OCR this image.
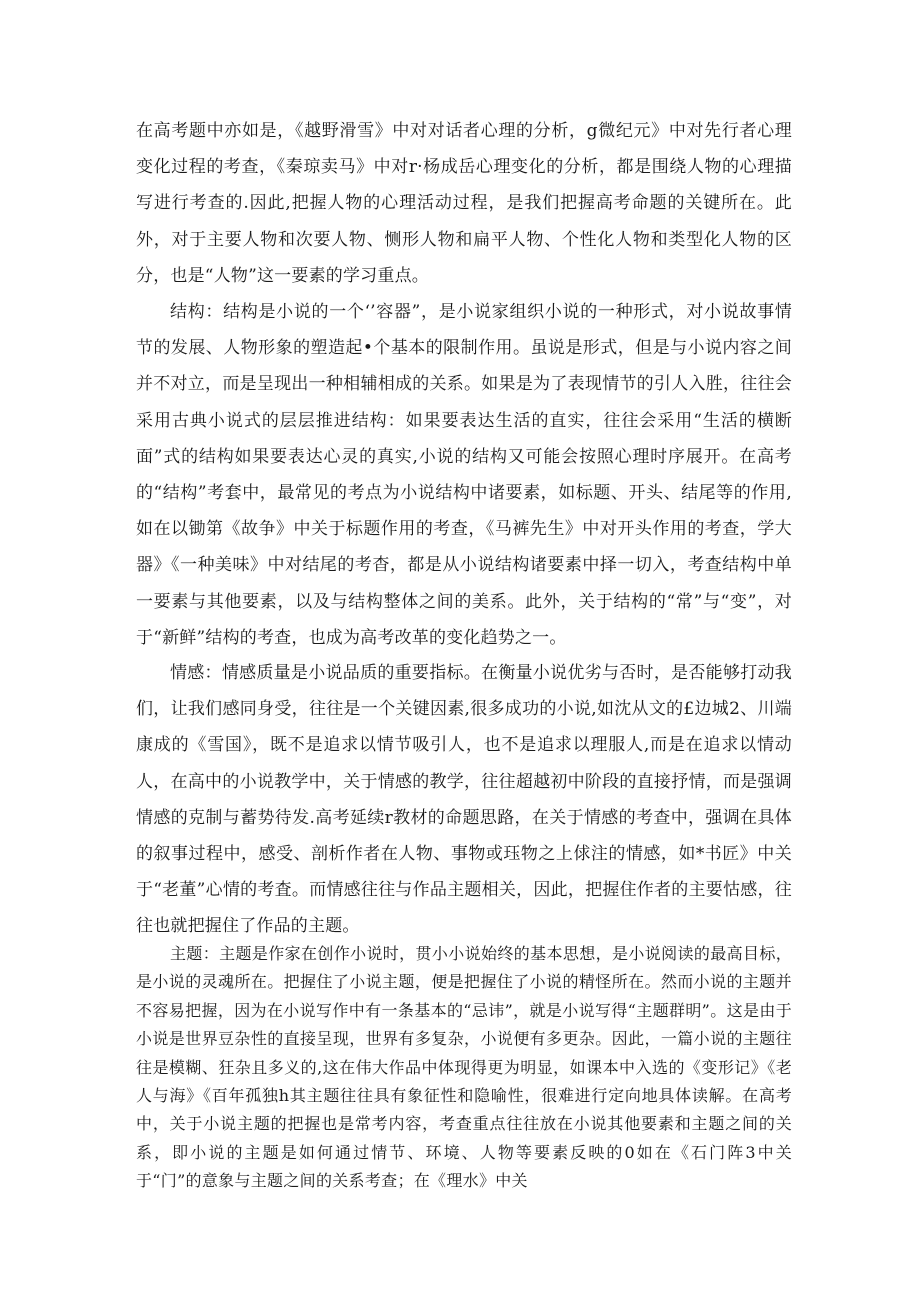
在高考题中亦如是，《越野滑雪》中对对话者心理的分析，g微纪元》中对先行者心理变化过程的考查，《秦琼卖马》中对r·杨成岳心理变化的分析，都是围绕人物的心理描写进行考查的.因此,把握人物的心理活动过程，是我们把握高考命题的关键所在。此外，对于主要人物和次要人物、恻形人物和扁平人物、个性化人物和类型化人物的区分，也是“人物”这一要素的学习重点。

结构：结构是小说的一个‘’容器”，是小说家组织小说的一种形式，对小说故事情节的发展、人物形象的塑造起•个基本的限制作用。虽说是形式，但是与小说内容之间并不对立，而是呈现出一种相辅相成的关系。如果是为了表现情节的引人入胜，往往会采用古典小说式的层层推进结构：如果要表达生活的直实，往往会采用“生活的横断面”式的结构如果要表达心灵的真实,小说的结构又可能会按照心理时序展开。在高考的“结构”考套中，最常见的考点为小说结构中诸要素，如标题、开头、结尾等的作用,如在以锄第《故争》中关于标题作用的考查，《马裤先生》中对开头作用的考查，学大器》《一种美味》中对结尾的考杳，都是从小说结构诸要素中择一切入，考查结构中单一要素与其他要素，以及与结构整体之间的美系。此外，关于结构的“常”与“变”，对于“新鲜”结构的考查，也成为高考改革的变化趋势之一。

情感：情感质量是小说品质的重要指标。在衡量小说优劣与否时，是否能够打动我们，让我们感同身受，往往是一个关键因素,很多成功的小说,如沈从文的£边城2、川端康成的《雪国》，既不是追求以情节吸引人，也不是追求以理服人,而是在追求以情动人，在高中的小说教学中，关于情感的教学，往往超越初中阶段的直接抒情，而是强调情感的克制与蓄势待发.高考延续r教材的命题思路，在关于情感的考查中，强调在具体的叙事过程中，感受、剖析作者在人物、事物或珏物之上俅注的情感，如*书匠》中关于“老董”心情的考査。而情感往往与作品主题相关，因此，把握住作者的主要怙感，往往也就把握住了作品的主题。

主题：主题是作家在创作小说时，贯小小说始终的基本思想，是小说阅读的最高目标，是小说的灵魂所在。把握住了小说主题，便是把握住了小说的精怪所在。然而小说的主题并不容易把握，因为在小说写作中有一条基本的“忌讳”，就是小说写得“主题群明”。这是由于小说是世界豆杂性的直接呈现，世界有多复杂，小说便有多更杂。因此，一篇小说的主题往往是模糊、狂杂且多义的,这在伟大作品中体现得更为明显，如课本中入选的《变形记》《老人与海》《百年孤独h其主题往往具有象征性和隐喻性，很难进行定向地具体读解。在高考中，关于小说主题的把握也是常考内容，考查重点往往放在小说其他要素和主题之间的关系，即小说的主题是如何通过情节、环境、人物等要素反映的0如在《石门阵3中关于“门”的意象与主题之间的关系考查；在《理水》中关
